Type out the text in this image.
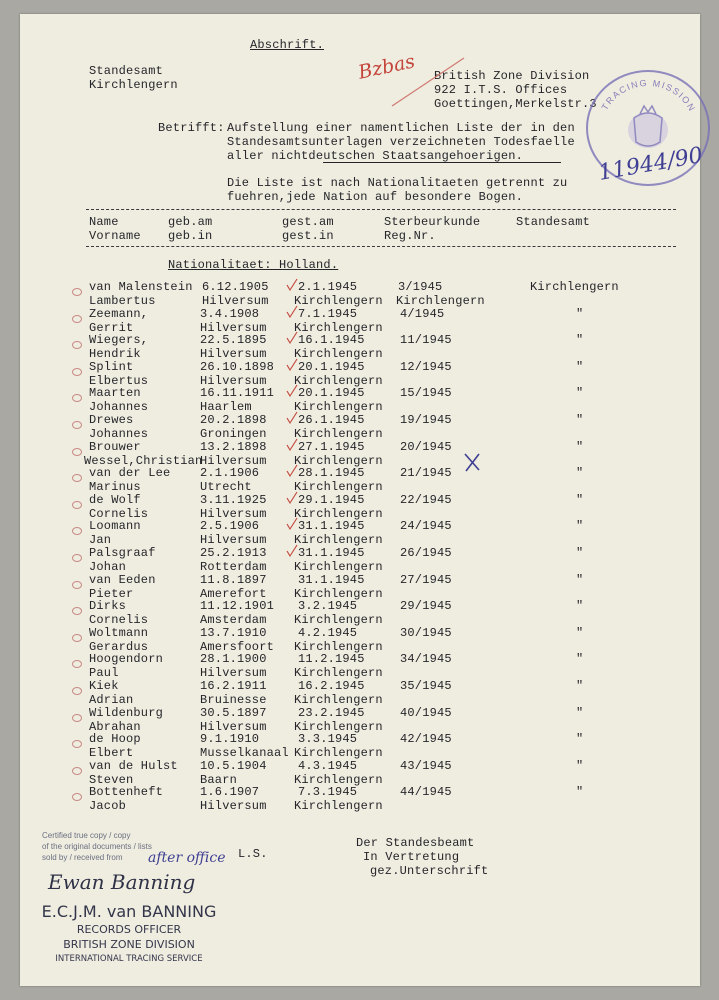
Abschrift.
Standesamt
Kirchlengern
British Zone Division
922 I.T.S. Offices
Goettingen,Merkelstr.3
Bzbas
TRACING MISSION
11944/90
Betrifft: Aufstellung einer namentlichen Liste der in den
Standesamtsunterlagen verzeichneten Todesfaelle
aller nichtdeutschen Staatsangehoerigen.
Die Liste ist nach Nationalitaeten getrennt zu
fuehren,jede Nation auf besondere Bogen.
Name	geb.am	gest.am	Sterbeurkunde	Standesamt
Vorname geb.in	gest.in	Reg.Nr.
Nationalitaet: Holland.
van Malenstein 6.12.1905 2.1.1945	3/1945	Kirchlengern
Lambertus	Hilversum Kirchlengern Kirchlengern
Zeemann,	3.4.1908	7.1.1945	4/1945	"
Gerrit	Hilversum Kirchlengern
Wiegers,	22.5.1895	16.1.1945	11/1945	"
Hendrik	Hilversum Kirchlengern
Splint	26.10.1898 20.1.1945	12/1945	"
Elbertus	Hilversum Kirchlengern
Maarten	16.11.1911 20.1.1945	15/1945	"
Johannes	Haarlem	Kirchlengern
Drewes	20.2.1898	26.1.1945	19/1945	"
Johannes	Groningen Kirchlengern
Brouwer	13.2.1898	27.1.1945	20/1945	"
Wessel,Christian
Hilversum Kirchlengern
van der Lee 2.1.1906	28.1.1945	21/1945	"
Marinus	Utrecht	Kirchlengern
de Wolf	3.11.1925	29.1.1945	22/1945	"
Cornelis	Hilversum Kirchlengern
Loomann	2.5.1906	31.1.1945	24/1945	"
Jan	Hilversum Kirchlengern
Palsgraaf	25.2.1913	31.1.1945	26/1945	"
Johan	Rotterdam Kirchlengern
van Eeden	11.8.1897	31.1.1945	27/1945	"
Pieter	Amerefort Kirchlengern
Dirks	11.12.1901 3.2.1945	29/1945	"
Cornelis	Amsterdam Kirchlengern
Woltmann	13.7.1910	4.2.1945	30/1945	"
Gerardus	Amersfoort Kirchlengern
Hoogendorn	28.1.1900	11.2.1945	34/1945	"
Paul	Hilversum Kirchlengern
Kiek	16.2.1911	16.2.1945	35/1945	"
Adrian	Bruinesse Kirchlengern
Wildenburg	30.5.1897	23.2.1945	40/1945	"
Abrahan	Hilversum Kirchlengern
de Hoop	9.1.1910	3.3.1945	42/1945	"
Elbert	Musselkanaal Kirchlengern
van de Hulst 10.5.1904	4.3.1945	43/1945	"
Steven	Baarn	Kirchlengern
Bottenheft	1.6.1907	7.3.1945	44/1945	"
Jacob	Hilversum Kirchlengern
L.S.
Der Standesbeamt
In Vertretung
gez.Unterschrift
Certified true copy / copy
of the original documents / lists
sold by / received from	after office
Ewan Banning
E.C.J.M. van BANNING
RECORDS OFFICER
BRITISH ZONE DIVISION
INTERNATIONAL TRACING SERVICE
